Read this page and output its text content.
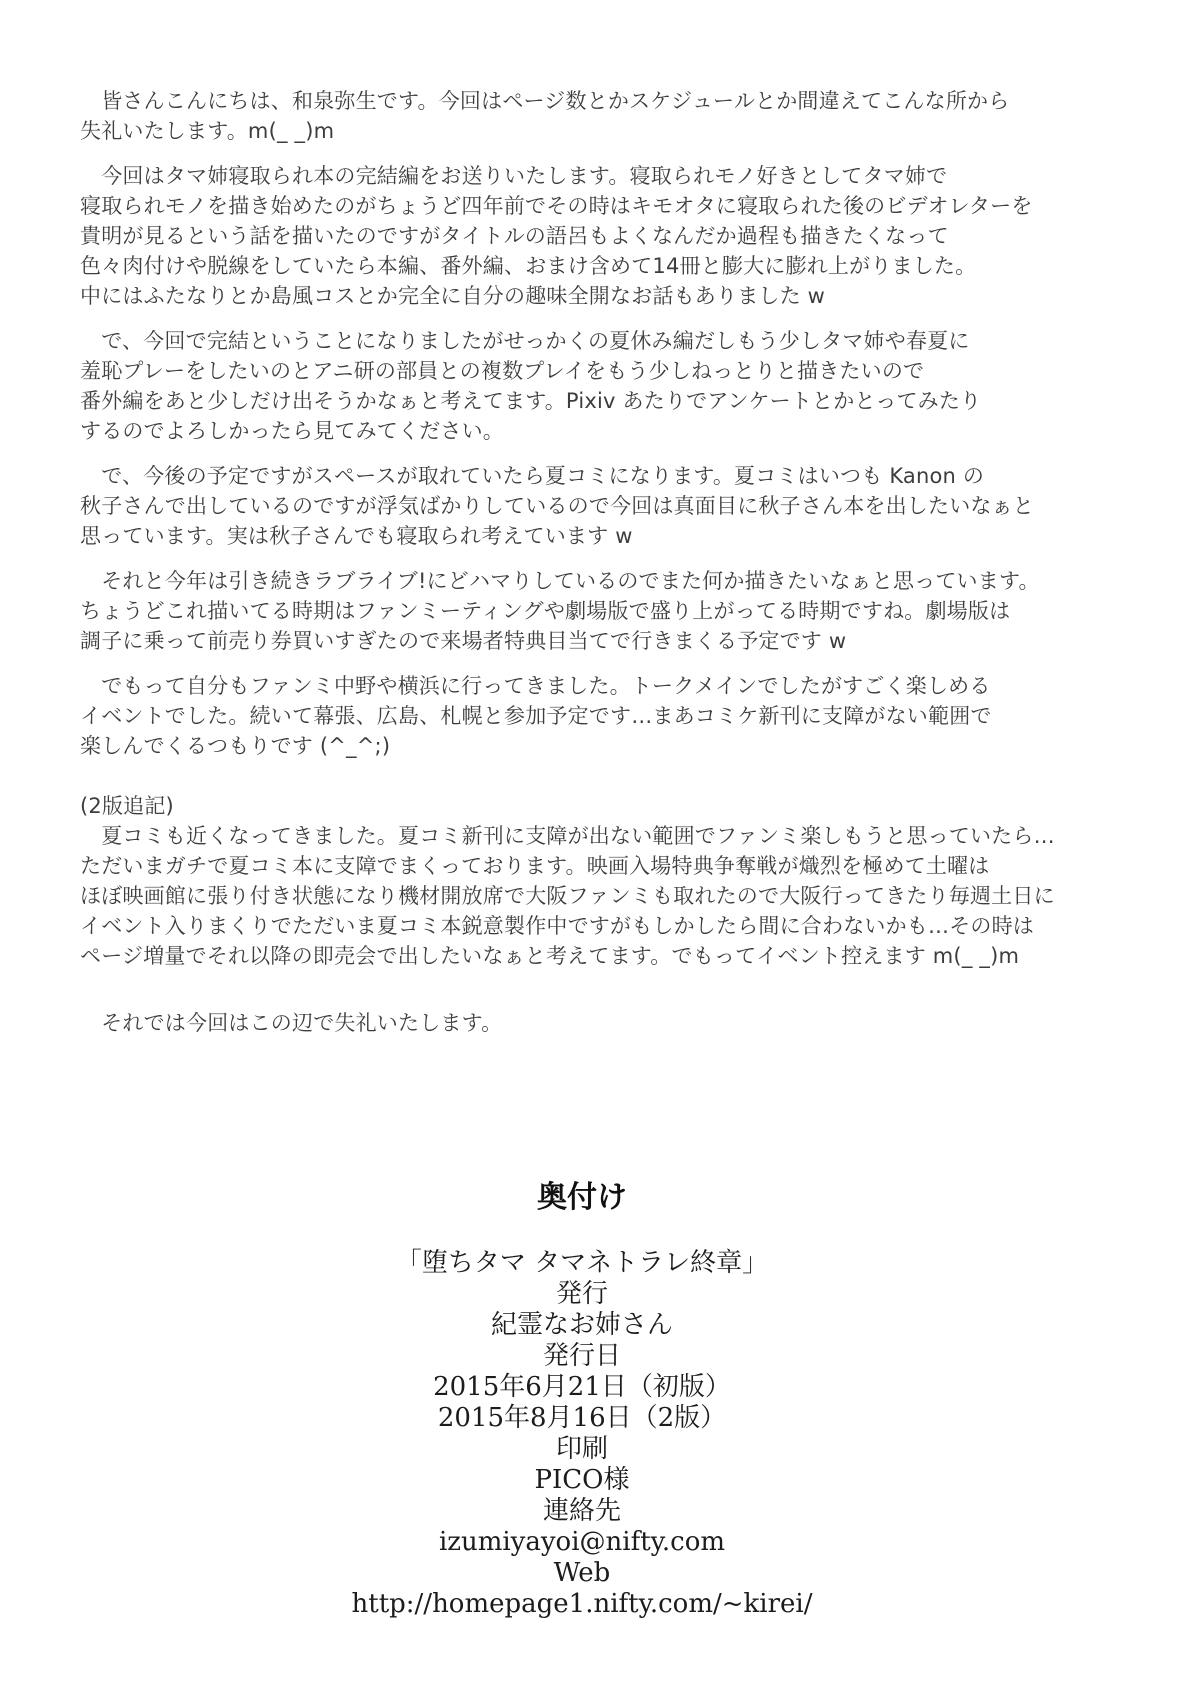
　皆さんこんにちは、和泉弥生です。今回はページ数とかスケジュールとか間違えてこんな所から
失礼いたします。m(_ _)m
　今回はタマ姉寝取られ本の完結編をお送りいたします。寝取られモノ好きとしてタマ姉で
寝取られモノを描き始めたのがちょうど四年前でその時はキモオタに寝取られた後のビデオレターを
貴明が見るという話を描いたのですがタイトルの語呂もよくなんだか過程も描きたくなって
色々肉付けや脱線をしていたら本編、番外編、おまけ含めて14冊と膨大に膨れ上がりました。
中にはふたなりとか島風コスとか完全に自分の趣味全開なお話もありました w
　で、今回で完結ということになりましたがせっかくの夏休み編だしもう少しタマ姉や春夏に
羞恥プレーをしたいのとアニ研の部員との複数プレイをもう少しねっとりと描きたいので
番外編をあと少しだけ出そうかなぁと考えてます。Pixiv あたりでアンケートとかとってみたり
するのでよろしかったら見てみてください。
　で、今後の予定ですがスペースが取れていたら夏コミになります。夏コミはいつも Kanon の
秋子さんで出しているのですが浮気ばかりしているので今回は真面目に秋子さん本を出したいなぁと
思っています。実は秋子さんでも寝取られ考えています w
　それと今年は引き続きラブライブ!にどハマりしているのでまた何か描きたいなぁと思っています。
ちょうどこれ描いてる時期はファンミーティングや劇場版で盛り上がってる時期ですね。劇場版は
調子に乗って前売り券買いすぎたので来場者特典目当てで行きまくる予定です w
　でもって自分もファンミ中野や横浜に行ってきました。トークメインでしたがすごく楽しめる
イベントでした。続いて幕張、広島、札幌と参加予定です…まあコミケ新刊に支障がない範囲で
楽しんでくるつもりです (^_^;)
(2版追記)
　夏コミも近くなってきました。夏コミ新刊に支障が出ない範囲でファンミ楽しもうと思っていたら…
ただいまガチで夏コミ本に支障でまくっております。映画入場特典争奪戦が熾烈を極めて土曜は
ほぼ映画館に張り付き状態になり機材開放席で大阪ファンミも取れたので大阪行ってきたり毎週土日に
イベント入りまくりでただいま夏コミ本鋭意製作中ですがもしかしたら間に合わないかも…その時は
ページ増量でそれ以降の即売会で出したいなぁと考えてます。でもってイベント控えます m(_ _)m
　それでは今回はこの辺で失礼いたします。
奥付け
「堕ちタマ タマネトラレ終章」
発行
紀霊なお姉さん
発行日
2015年6月21日（初版）
2015年8月16日（2版）
印刷
PICO様
連絡先
izumiyayoi@nifty.com
Web
http://homepage1.nifty.com/~kirei/
